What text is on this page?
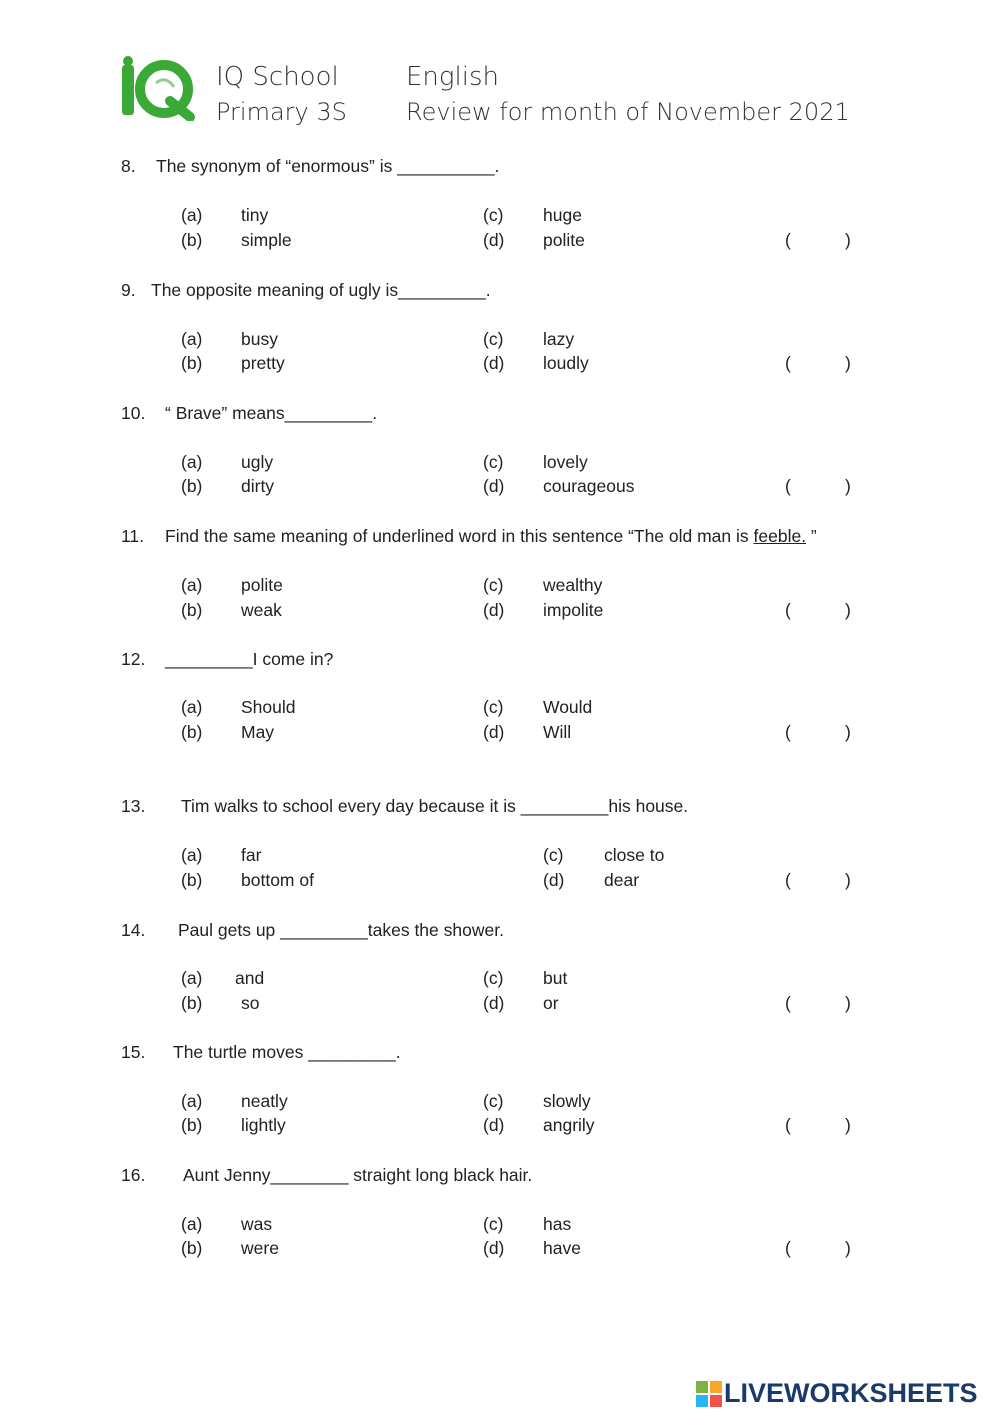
IQ School
Primary 3S
English
Review for month of November 2021
8. The synonym of “enormous” is __________.
(a) tiny
(b) simple
(c) huge
(d) polite	(	)
9. The opposite meaning of ugly is_________.
(a) busy
(b) pretty
(c) lazy
(d) loudly	(	)
10. “ Brave” means_________.
(a) ugly
(b) dirty
(c) lovely
(d) courageous	(	)
11. Find the same meaning of underlined word in this sentence “The old man is feeble. ”
(a) polite
(b) weak
(c) wealthy
(d) impolite	(	)
12. _________I come in?
(a) Should
(b) May
(c) Would
(d) Will	(	)
13. Tim walks to school every day because it is _________his house.
(a) far
(b) bottom of
(c) close to
(d) dear	(	)
14. Paul gets up _________takes the shower.
(a) and
(b) so
(c) but
(d) or	(	)
15. The turtle moves _________.
(a) neatly
(b) lightly
(c) slowly
(d) angrily	(	)
16. Aunt Jenny________ straight long black hair.
(a) was
(b) were
(c) has
(d) have	(	)
LIVEWORKSHEETS
